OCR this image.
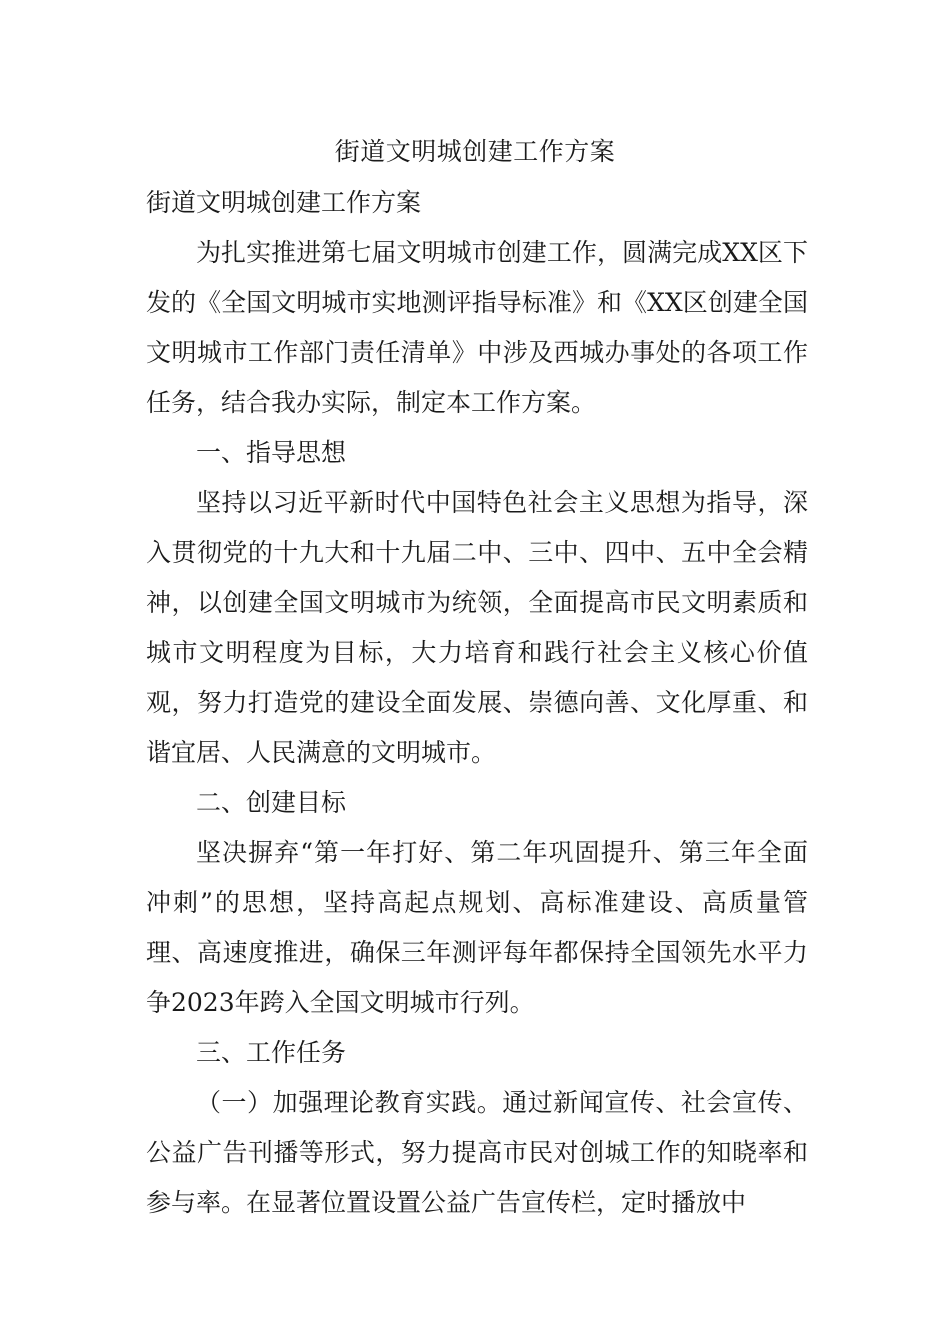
街道文明城创建工作方案

街道文明城创建工作方案

为扎实推进第七届文明城市创建工作，圆满完成XX区下发的《全国文明城市实地测评指导标准》和《XX区创建全国文明城市工作部门责任清单》中涉及西城办事处的各项工作任务，结合我办实际，制定本工作方案。

一、指导思想

坚持以习近平新时代中国特色社会主义思想为指导，深入贯彻党的十九大和十九届二中、三中、四中、五中全会精神，以创建全国文明城市为统领，全面提高市民文明素质和城市文明程度为目标，大力培育和践行社会主义核心价值观，努力打造党的建设全面发展、崇德向善、文化厚重、和谐宜居、人民满意的文明城市。

二、创建目标

坚决摒弃“第一年打好、第二年巩固提升、第三年全面冲刺”的思想，坚持高起点规划、高标准建设、高质量管理、高速度推进，确保三年测评每年都保持全国领先水平力争2023年跨入全国文明城市行列。

三、工作任务

（一）加强理论教育实践。通过新闻宣传、社会宣传、公益广告刊播等形式，努力提高市民对创城工作的知晓率和参与率。在显著位置设置公益广告宣传栏，定时播放中
